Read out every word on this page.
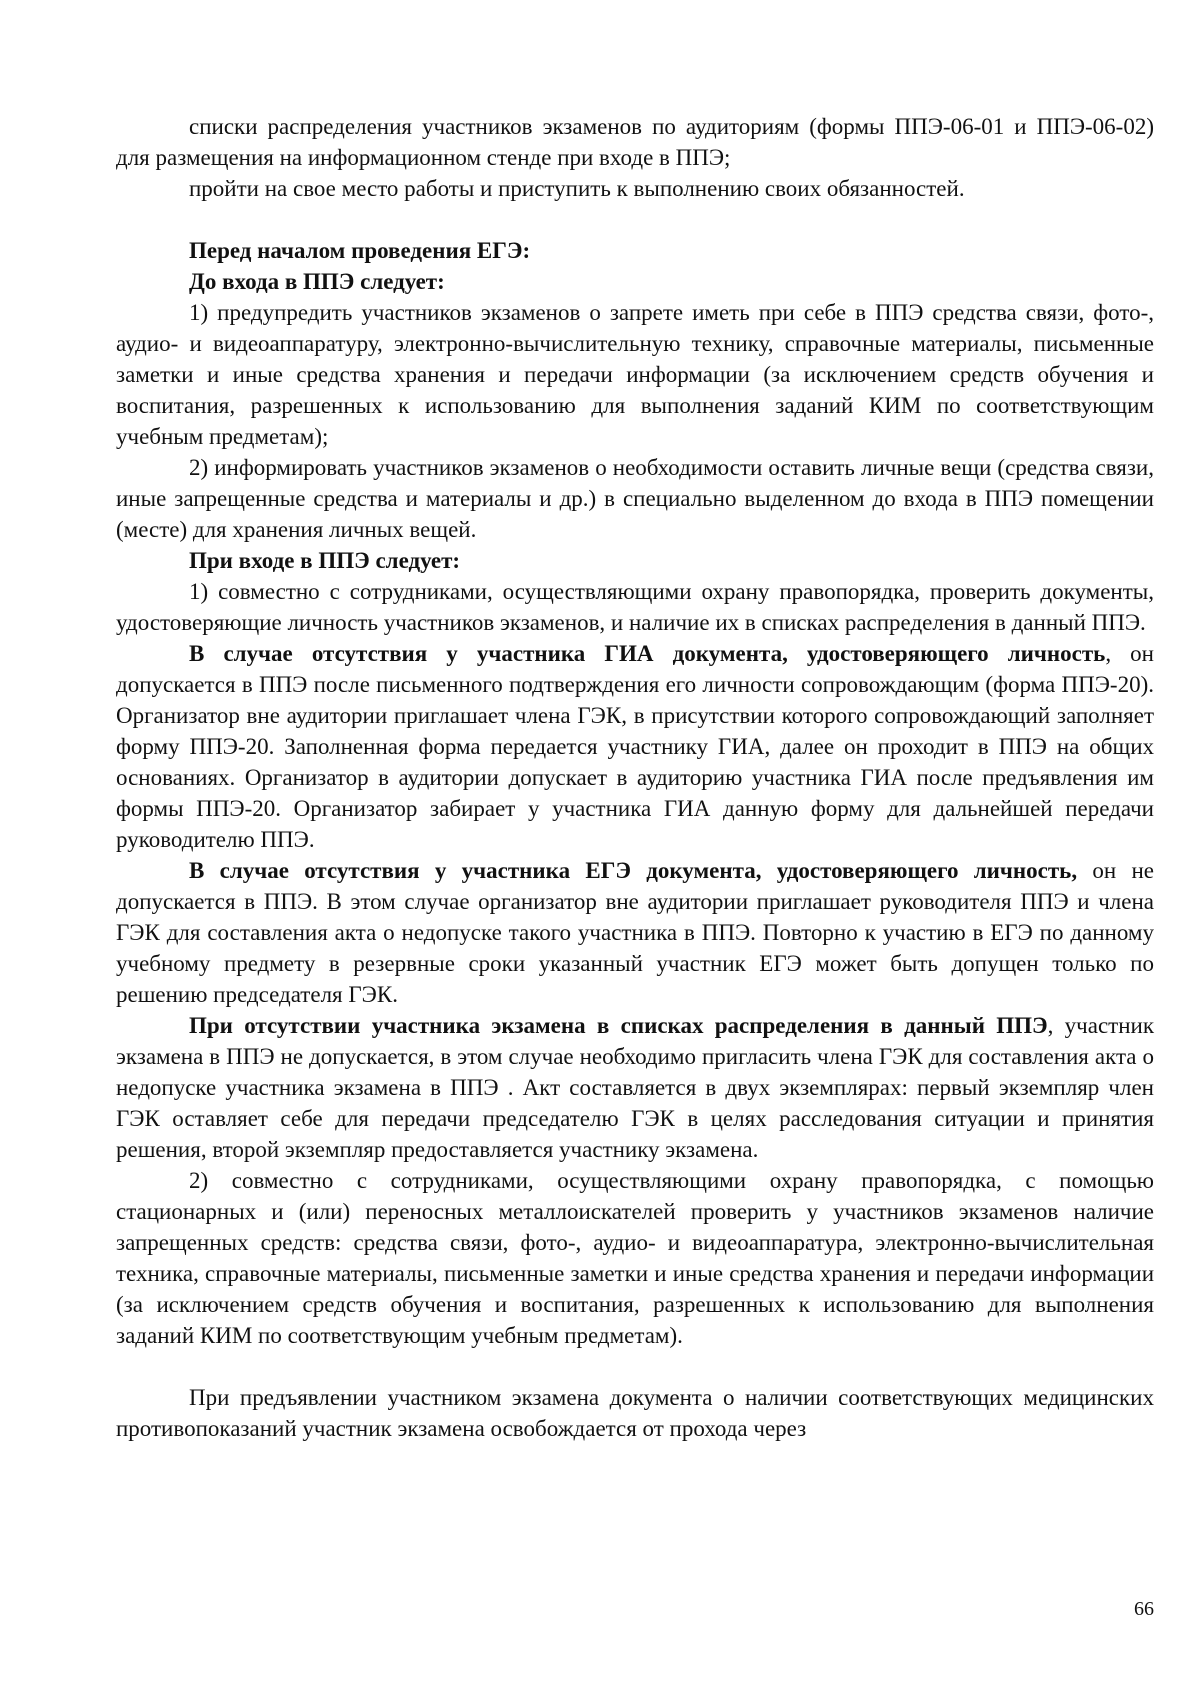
списки распределения участников экзаменов по аудиториям (формы ППЭ-06-01 и ППЭ-06-02) для размещения на информационном стенде при входе в ППЭ;

пройти на свое место работы и приступить к выполнению своих обязанностей.

Перед началом проведения ЕГЭ:

До входа в ППЭ следует:

1) предупредить участников экзаменов о запрете иметь при себе в ППЭ средства связи, фото-, аудио- и видеоаппаратуру, электронно-вычислительную технику, справочные материалы, письменные заметки и иные средства хранения и передачи информации (за исключением средств обучения и воспитания, разрешенных к использованию для выполнения заданий КИМ по соответствующим учебным предметам);

2) информировать участников экзаменов о необходимости оставить личные вещи (средства связи, иные запрещенные средства и материалы и др.) в специально выделенном до входа в ППЭ помещении (месте) для хранения личных вещей.

При входе в ППЭ следует:

1) совместно с сотрудниками, осуществляющими охрану правопорядка, проверить документы, удостоверяющие личность участников экзаменов, и наличие их в списках распределения в данный ППЭ.

В случае отсутствия у участника ГИА документа, удостоверяющего личность, он допускается в ППЭ после письменного подтверждения его личности сопровождающим (форма ППЭ-20). Организатор вне аудитории приглашает члена ГЭК, в присутствии которого сопровождающий заполняет форму ППЭ-20. Заполненная форма передается участнику ГИА, далее он проходит в ППЭ на общих основаниях. Организатор в аудитории допускает в аудиторию участника ГИА после предъявления им формы ППЭ-20. Организатор забирает у участника ГИА данную форму для дальнейшей передачи руководителю ППЭ.

В случае отсутствия у участника ЕГЭ документа, удостоверяющего личность, он не допускается в ППЭ. В этом случае организатор вне аудитории приглашает руководителя ППЭ и члена ГЭК для составления акта о недопуске такого участника в ППЭ. Повторно к участию в ЕГЭ по данному учебному предмету в резервные сроки указанный участник ЕГЭ может быть допущен только по решению председателя ГЭК.

При отсутствии участника экзамена в списках распределения в данный ППЭ, участник экзамена в ППЭ не допускается, в этом случае необходимо пригласить члена ГЭК для составления акта о недопуске участника экзамена в ППЭ . Акт составляется в двух экземплярах: первый экземпляр член ГЭК оставляет себе для передачи председателю ГЭК в целях расследования ситуации и принятия решения, второй экземпляр предоставляется участнику экзамена.

2) совместно с сотрудниками, осуществляющими охрану правопорядка, с помощью стационарных и (или) переносных металлоискателей проверить у участников экзаменов наличие запрещенных средств: средства связи, фото-, аудио- и видеоаппаратура, электронно-вычислительная техника, справочные материалы, письменные заметки и иные средства хранения и передачи информации (за исключением средств обучения и воспитания, разрешенных к использованию для выполнения заданий КИМ по соответствующим учебным предметам).

При предъявлении участником экзамена документа о наличии соответствующих медицинских противопоказаний участник экзамена освобождается от прохода через

66
